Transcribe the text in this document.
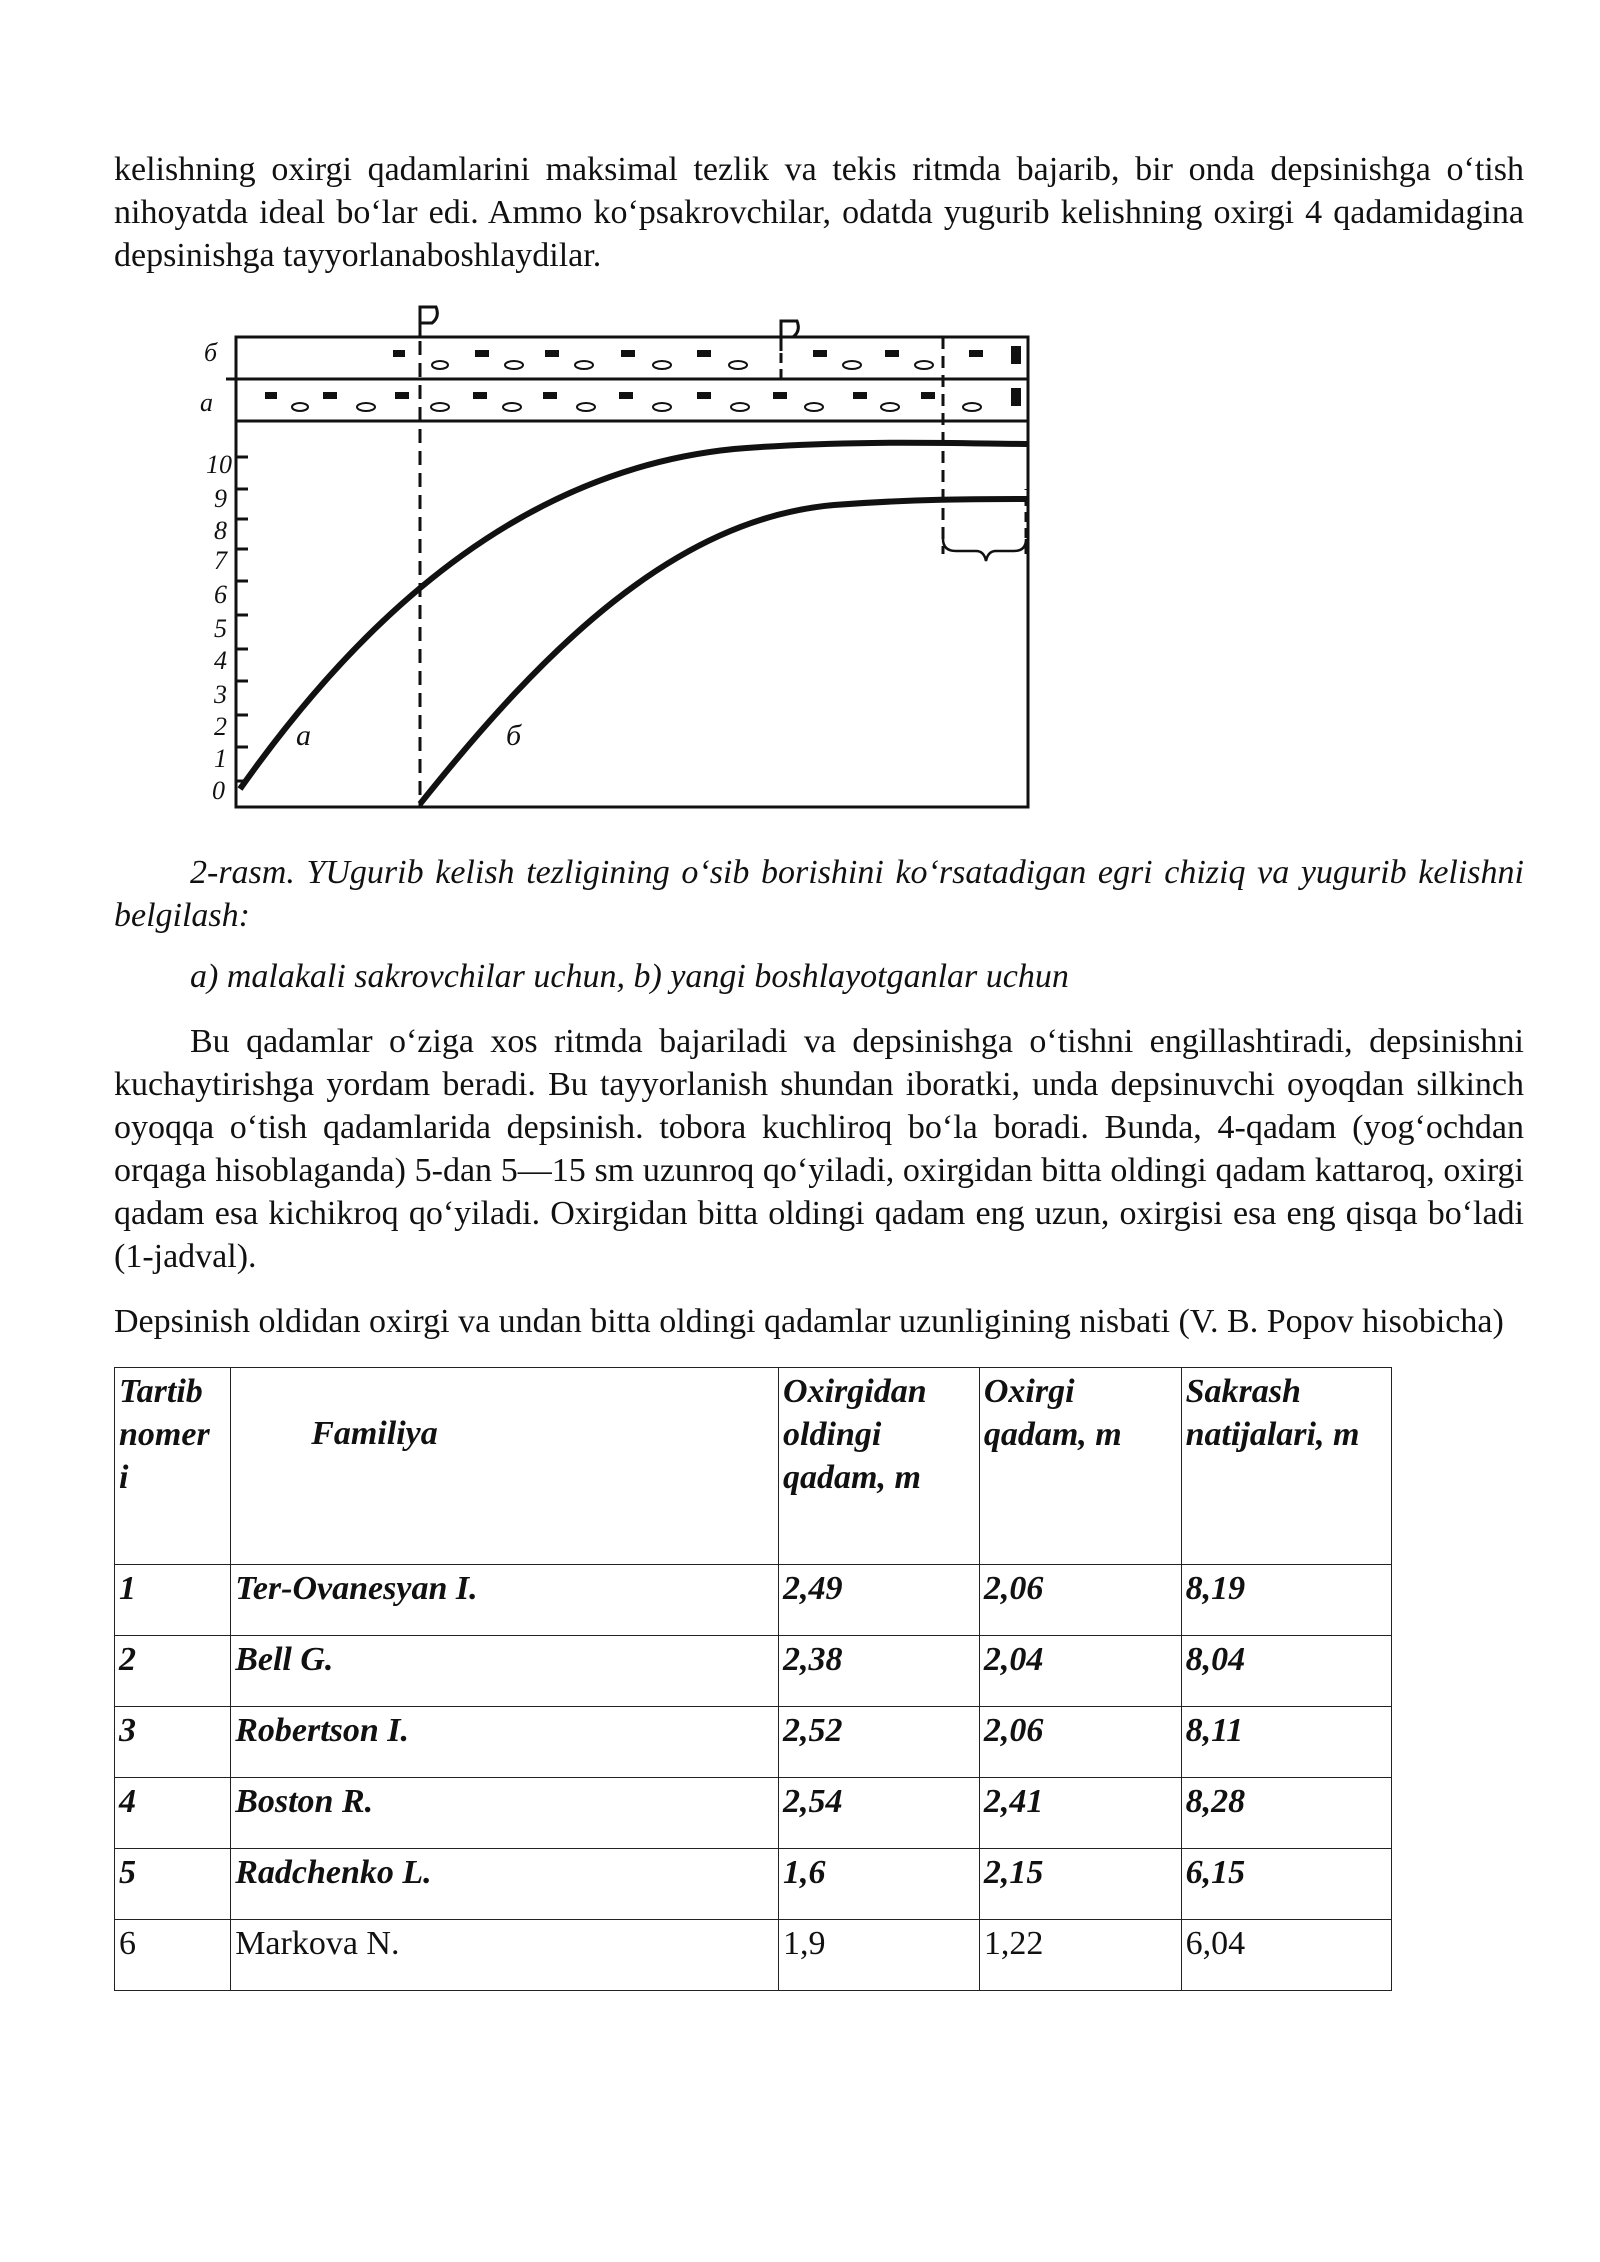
kelishning oxirgi qadamlarini maksimal tezlik va tekis ritmda bajarib, bir onda depsinishga o‘tish nihoyatda ideal bo‘lar edi. Ammo ko‘psakrovchilar, odatda yugurib kelishning oxirgi 4 qadamidagina depsinishga tayyorlanaboshlaydilar.

б
а
0
1
2
3
4
5
6
7
8
9
10
а	б

2-rasm. YUgurib kelish tezligining o‘sib borishini ko‘rsatadigan egri chiziq va yugurib kelishni belgilash:

a) malakali sakrovchilar uchun, b) yangi boshlayotganlar uchun

Bu qadamlar o‘ziga xos ritmda bajariladi va depsinishga o‘tishni engillashtiradi, depsinishni kuchaytirishga yordam beradi. Bu tayyorlanish shundan iboratki, unda depsinuvchi oyoqdan silkinch oyoqqa o‘tish qadamlarida depsinish. tobora kuchliroq bo‘la boradi. Bunda, 4-qadam (yog‘ochdan orqaga hisoblaganda) 5-dan 5—15 sm uzunroq qo‘yiladi, oxirgidan bitta oldingi qadam kattaroq, oxirgi qadam esa kichikroq qo‘yiladi. Oxirgidan bitta oldingi qadam eng uzun, oxirgisi esa eng qisqa bo‘ladi (1-jadval).

Depsinish oldidan oxirgi va undan bitta oldingi qadamlar uzunligining nisbati (V. B. Popov hisobicha)

Tartib nomer i	Familiya	Oxirgidan oldingi qadam, m	Oxirgi qadam, m	Sakrash natijalari, m
1	Ter-Ovanesyan I.	2,49	2,06	8,19
2	Bell G.	2,38	2,04	8,04
3	Robertson I.	2,52	2,06	8,11
4	Boston R.	2,54	2,41	8,28
5	Radchenko L.	1,6	2,15	6,15
6	Markova N.	1,9	1,22	6,04
